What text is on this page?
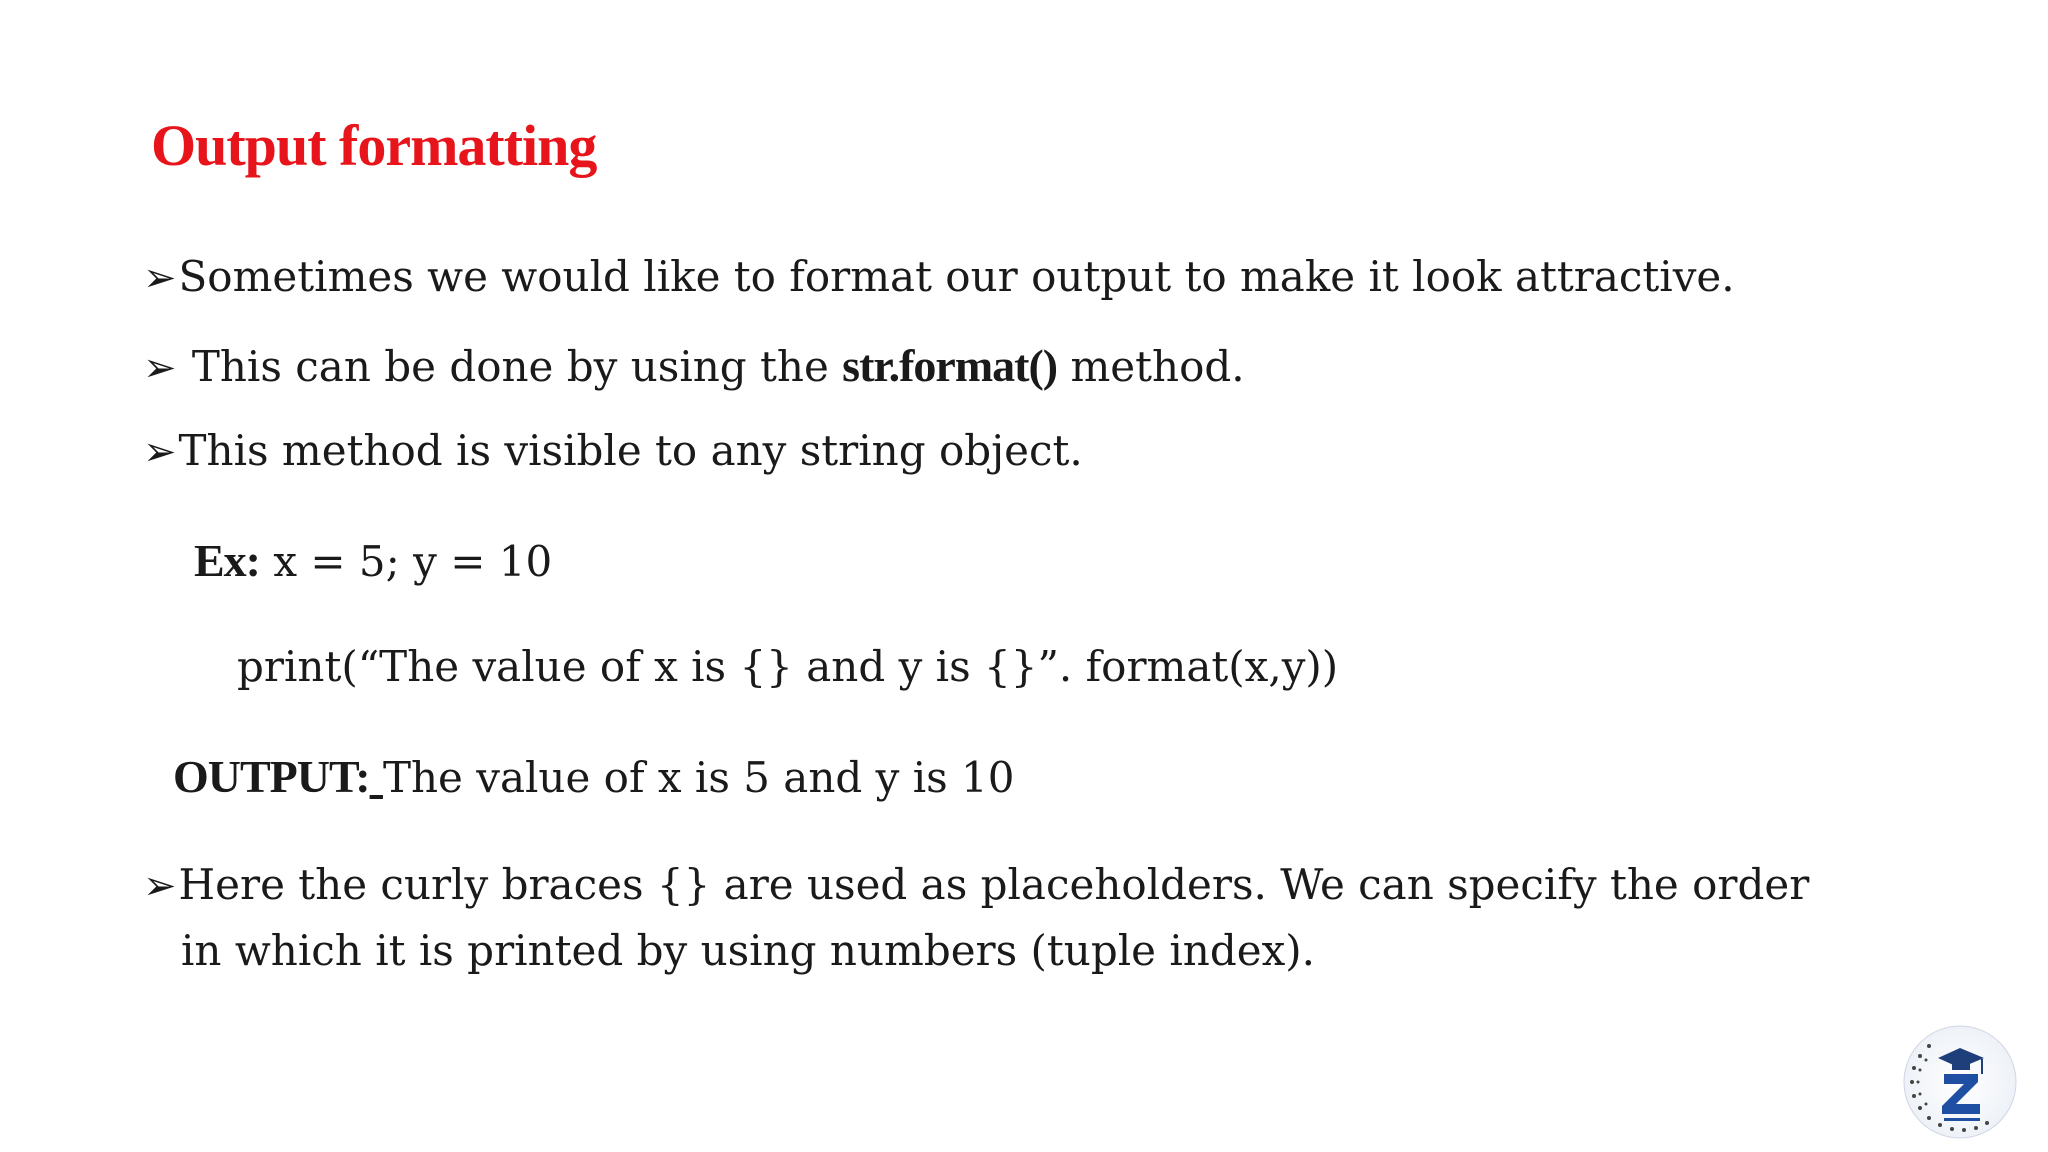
Output formatting
➢Sometimes we would like to format our output to make it look attractive.
➢ This can be done by using the str.format() method.
➢This method is visible to any string object.
Ex: x = 5; y = 10
print(“The value of x is {} and y is {}”. format(x,y))
OUTPUT: The value of x is 5 and y is 10
➢Here the curly braces {} are used as placeholders. We can specify the order
in which it is printed by using numbers (tuple index).
